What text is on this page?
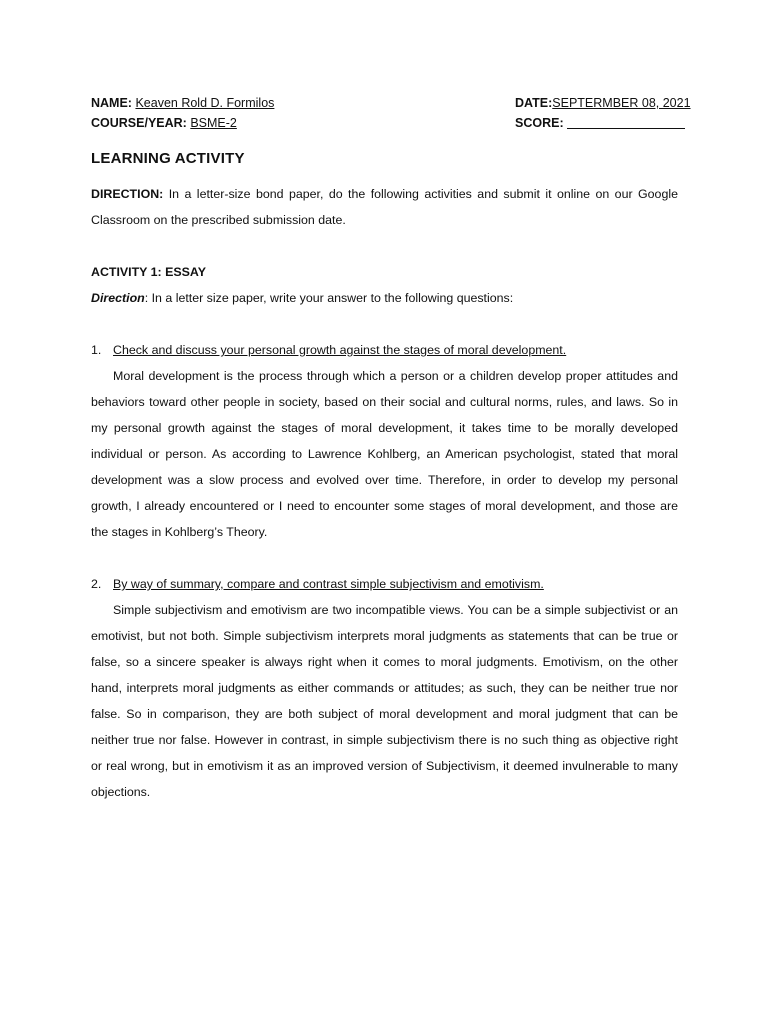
NAME: Keaven Rold D. Formilos	DATE:SEPTERMBER 08, 2021
COURSE/YEAR: BSME-2	SCORE:
LEARNING ACTIVITY

DIRECTION: In a letter-size bond paper, do the following activities and submit it online on our Google Classroom on the prescribed submission date.

ACTIVITY 1: ESSAY
Direction: In a letter size paper, write your answer to the following questions:
1. Check and discuss your personal growth against the stages of moral development.

Moral development is the process through which a person or a children develop proper attitudes and behaviors toward other people in society, based on their social and cultural norms, rules, and laws. So in my personal growth against the stages of moral development, it takes time to be morally developed individual or person. As according to Lawrence Kohlberg, an American psychologist, stated that moral development was a slow process and evolved over time. Therefore, in order to develop my personal growth, I already encountered or I need to encounter some stages of moral development, and those are the stages in Kohlberg’s Theory.

2. By way of summary, compare and contrast simple subjectivism and emotivism.

Simple subjectivism and emotivism are two incompatible views. You can be a simple subjectivist or an emotivist, but not both. Simple subjectivism interprets moral judgments as statements that can be true or false, so a sincere speaker is always right when it comes to moral judgments. Emotivism, on the other hand, interprets moral judgments as either commands or attitudes; as such, they can be neither true nor false. So in comparison, they are both subject of moral development and moral judgment that can be neither true nor false. However in contrast, in simple subjectivism there is no such thing as objective right or real wrong, but in emotivism it as an improved version of Subjectivism, it deemed invulnerable to many objections.
